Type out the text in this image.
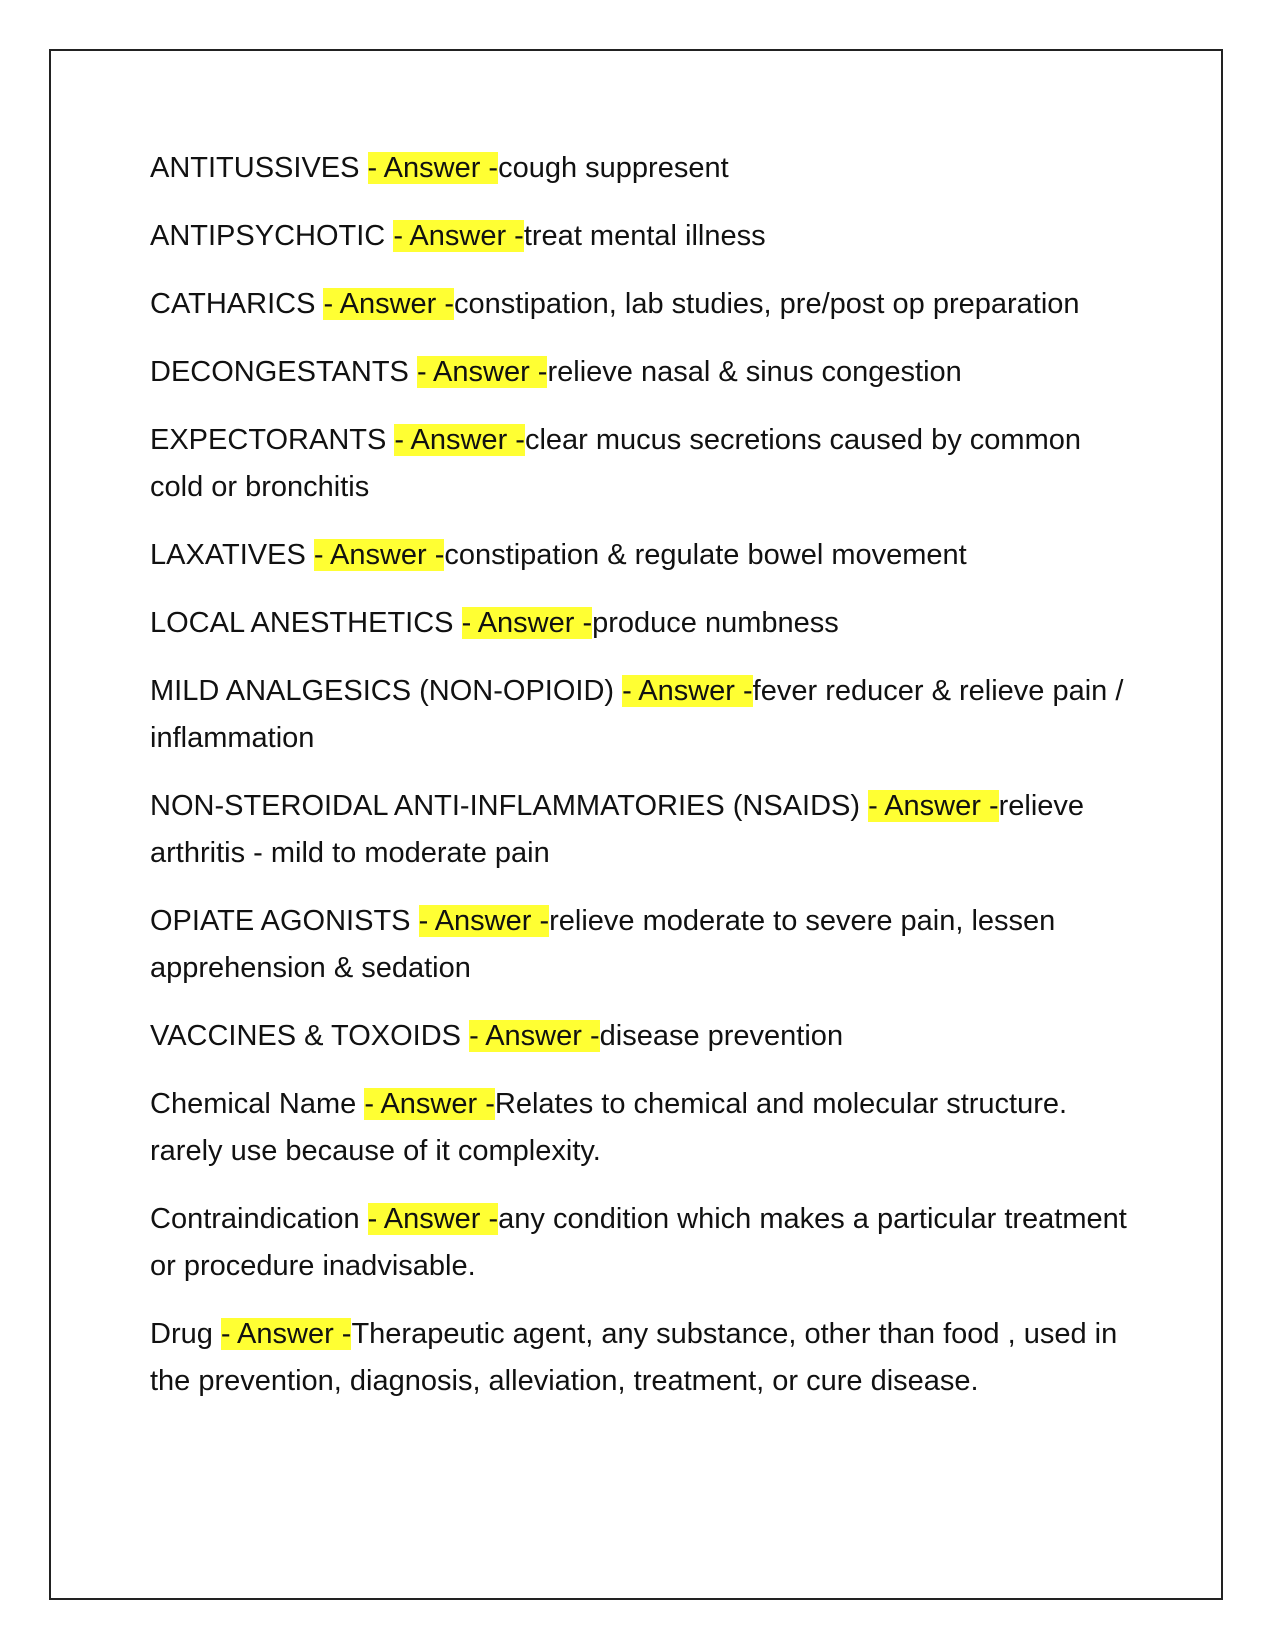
ANTITUSSIVES - Answer -cough suppresent

ANTIPSYCHOTIC - Answer -treat mental illness

CATHARICS - Answer -constipation, lab studies, pre/post op preparation

DECONGESTANTS - Answer -relieve nasal & sinus congestion

EXPECTORANTS - Answer -clear mucus secretions caused by common cold or bronchitis

LAXATIVES - Answer -constipation & regulate bowel movement

LOCAL ANESTHETICS - Answer -produce numbness

MILD ANALGESICS (NON-OPIOID) - Answer -fever reducer & relieve pain / inflammation

NON-STEROIDAL ANTI-INFLAMMATORIES (NSAIDS) - Answer -relieve arthritis - mild to moderate pain

OPIATE AGONISTS - Answer -relieve moderate to severe pain, lessen apprehension & sedation

VACCINES & TOXOIDS - Answer -disease prevention

Chemical Name - Answer -Relates to chemical and molecular structure. rarely use because of it complexity.

Contraindication - Answer -any condition which makes a particular treatment or procedure inadvisable.

Drug - Answer -Therapeutic agent, any substance, other than food , used in the prevention, diagnosis, alleviation, treatment, or cure disease.
